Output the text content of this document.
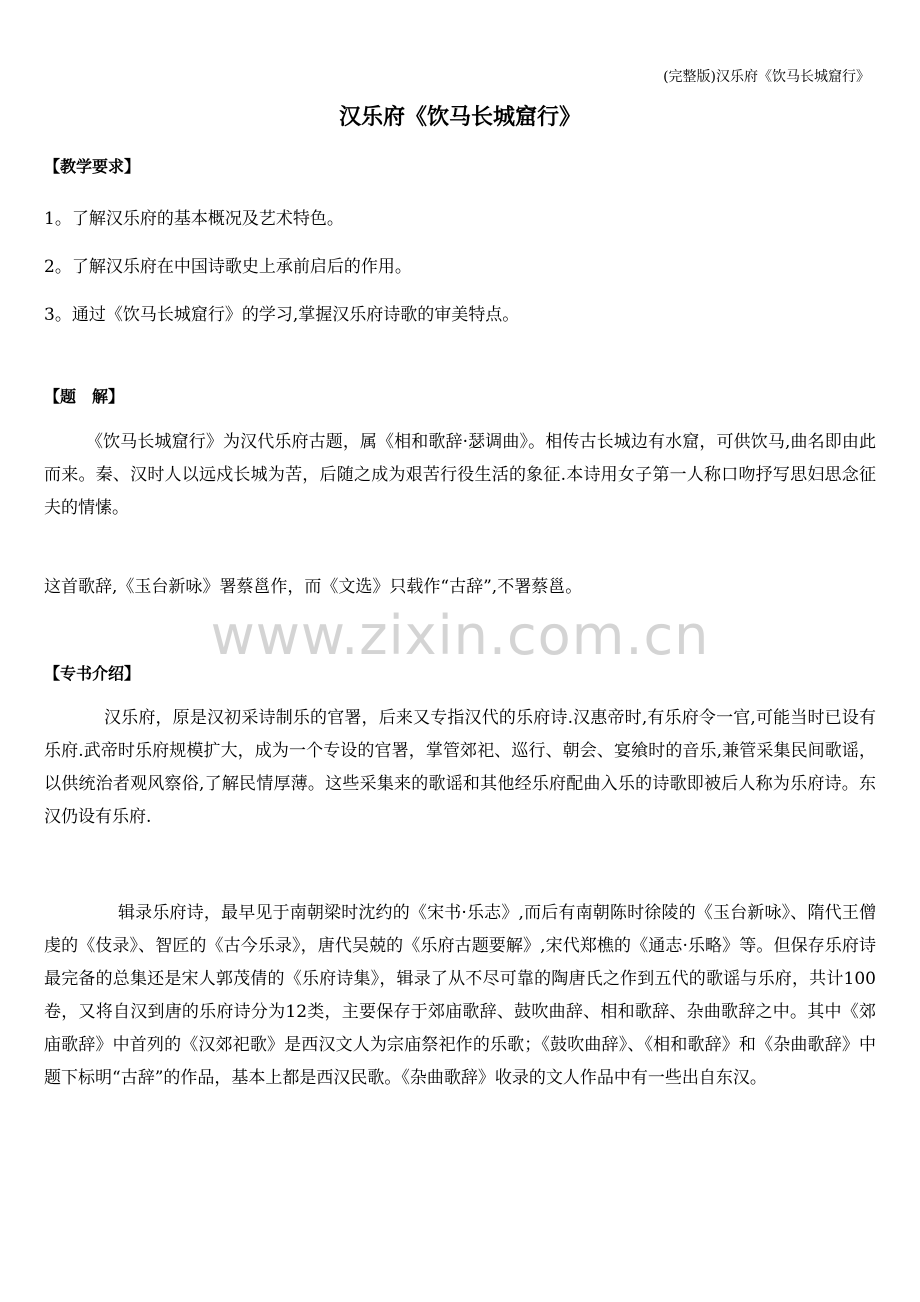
(完整版)汉乐府《饮马长城窟行》
汉乐府《饮马长城窟行》
【教学要求】
1。了解汉乐府的基本概况及艺术特色。
2。了解汉乐府在中国诗歌史上承前启后的作用。
3。通过《饮马长城窟行》的学习,掌握汉乐府诗歌的审美特点。
【题　解】
《饮马长城窟行》为汉代乐府古题，属《相和歌辞·瑟调曲》。相传古长城边有水窟，可供饮马,曲名即由此而来。秦、汉时人以远戍长城为苦，后随之成为艰苦行役生活的象征.本诗用女子第一人称口吻抒写思妇思念征夫的情愫。
这首歌辞,《玉台新咏》署蔡邕作，而《文选》只载作“古辞”,不署蔡邕。
www.zixin.com.cn
【专书介绍】
汉乐府，原是汉初采诗制乐的官署，后来又专指汉代的乐府诗.汉惠帝时,有乐府令一官,可能当时已设有乐府.武帝时乐府规模扩大，成为一个专设的官署，掌管郊祀、巡行、朝会、宴飨时的音乐,兼管采集民间歌谣，以供统治者观风察俗,了解民情厚薄。这些采集来的歌谣和其他经乐府配曲入乐的诗歌即被后人称为乐府诗。东汉仍设有乐府.
辑录乐府诗，最早见于南朝梁时沈约的《宋书·乐志》,而后有南朝陈时徐陵的《玉台新咏》、隋代王僧虔的《伎录》、智匠的《古今乐录》，唐代吴兢的《乐府古题要解》,宋代郑樵的《通志·乐略》等。但保存乐府诗最完备的总集还是宋人郭茂倩的《乐府诗集》，辑录了从不尽可靠的陶唐氏之作到五代的歌谣与乐府，共计100卷，又将自汉到唐的乐府诗分为12类，主要保存于郊庙歌辞、鼓吹曲辞、相和歌辞、杂曲歌辞之中。其中《郊庙歌辞》中首列的《汉郊祀歌》是西汉文人为宗庙祭祀作的乐歌；《鼓吹曲辞》、《相和歌辞》和《杂曲歌辞》中题下标明“古辞”的作品，基本上都是西汉民歌。《杂曲歌辞》收录的文人作品中有一些出自东汉。
